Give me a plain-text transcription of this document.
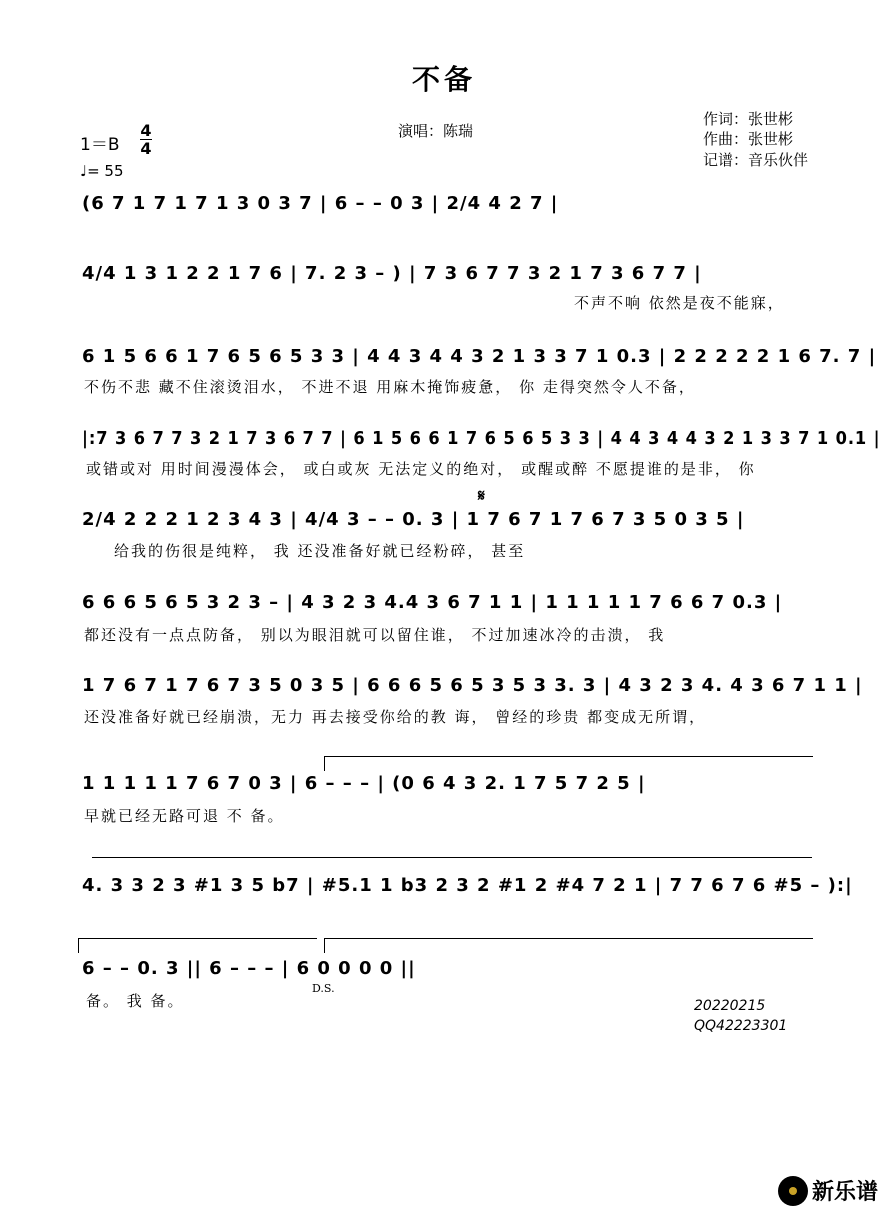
不备
演唱：陈瑞
作词：张世彬
作曲：张世彬
记谱：音乐伙伴
1＝B
4
4
♩= 55
(6 7 1 7 1 7 1 3 0 3 7 | 6 – – 0 3 | 2/4 4 2 7 |
4/4 1 3 1 2 2 1 7 6 | 7. 2 3 – ) | 7 3 6 7 7 3 2 1 7 3 6 7 7 |
不声不响 依然是夜不能寐，
6 1 5 6 6 1 7 6 5 6 5 3 3 | 4 4 3 4 4 3 2 1 3 3 7 1 0.3 | 2 2 2 2 2 1 6 7. 7 |
不伤不悲 藏不住滚烫泪水， 不进不退 用麻木掩饰疲惫， 你 走得突然令人不备，
|:7 3 6 7 7 3 2 1 7 3 6 7 7 | 6 1 5 6 6 1 7 6 5 6 5 3 3 | 4 4 3 4 4 3 2 1 3 3 7 1 0.1 |
或错或对 用时间漫漫体会， 或白或灰 无法定义的绝对， 或醒或醉 不愿提谁的是非， 你
𝄋
2/4 2 2 2 1 2 3 4 3 | 4/4 3 – – 0. 3 | 1 7 6 7 1 7 6 7 3 5 0 3 5 |
给我的伤很是纯粹， 我 还没准备好就已经粉碎， 甚至
6 6 6 5 6 5 3 2 3 – | 4 3 2 3 4.4 3 6 7 1 1 | 1 1 1 1 1 7 6 6 7 0.3 |
都还没有一点点防备， 别以为眼泪就可以留住谁， 不过加速冰冷的击溃， 我
1 7 6 7 1 7 6 7 3 5 0 3 5 | 6 6 6 5 6 5 3 5 3 3. 3 | 4 3 2 3 4. 4 3 6 7 1 1 |
还没准备好就已经崩溃，无力 再去接受你给的教 诲， 曾经的珍贵 都变成无所谓，
1 1 1 1 1 7 6 7 0 3 | 6 – – – | (0 6 4 3 2. 1 7 5 7 2 5 |
早就已经无路可退 不 备。
4. 3 3 2 3 #1 3 5 b7 | #5.1 1 b3 2 3 2 #1 2 #4 7 2 1 | 7 7 6 7 6 #5 – ):|
6 – – 0. 3 || 6 – – – | 6 0 0 0 0 ||
备。 我 备。
D.S.
20220215
QQ42223301
新乐谱
